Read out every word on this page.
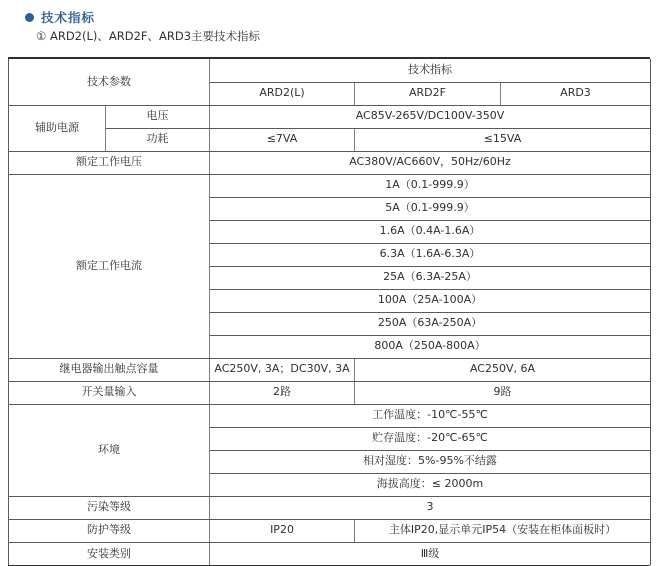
技术指标
① ARD2(L)、ARD2F、ARD3主要技术指标
技术参数		技术指标		
		ARD2(L)	ARD2F	ARD3
辅助电源	电压	AC85V-265V/DC100V-350V		
	功耗	≤7VA	≤15VA	
额定工作电压		AC380V/AC660V，50Hz/60Hz		
额定工作电流		1A（0.1-999.9）		
		5A（0.1-999.9）		
		1.6A（0.4A-1.6A）		
		6.3A（1.6A-6.3A）		
		25A（6.3A-25A）		
		100A（25A-100A）		
		250A（63A-250A）		
		800A（250A-800A）		
继电器输出触点容量		AC250V, 3A；DC30V, 3A	AC250V, 6A	
开关量输入		2路	9路	
环境		工作温度：-10℃-55℃		
		贮存温度：-20℃-65℃		
		相对湿度：5%-95%不结露		
		海拔高度：≤ 2000m		
污染等级		3		
防护等级		IP20	主体IP20,显示单元IP54（安装在柜体面板时）	
安装类别		Ⅲ级		
